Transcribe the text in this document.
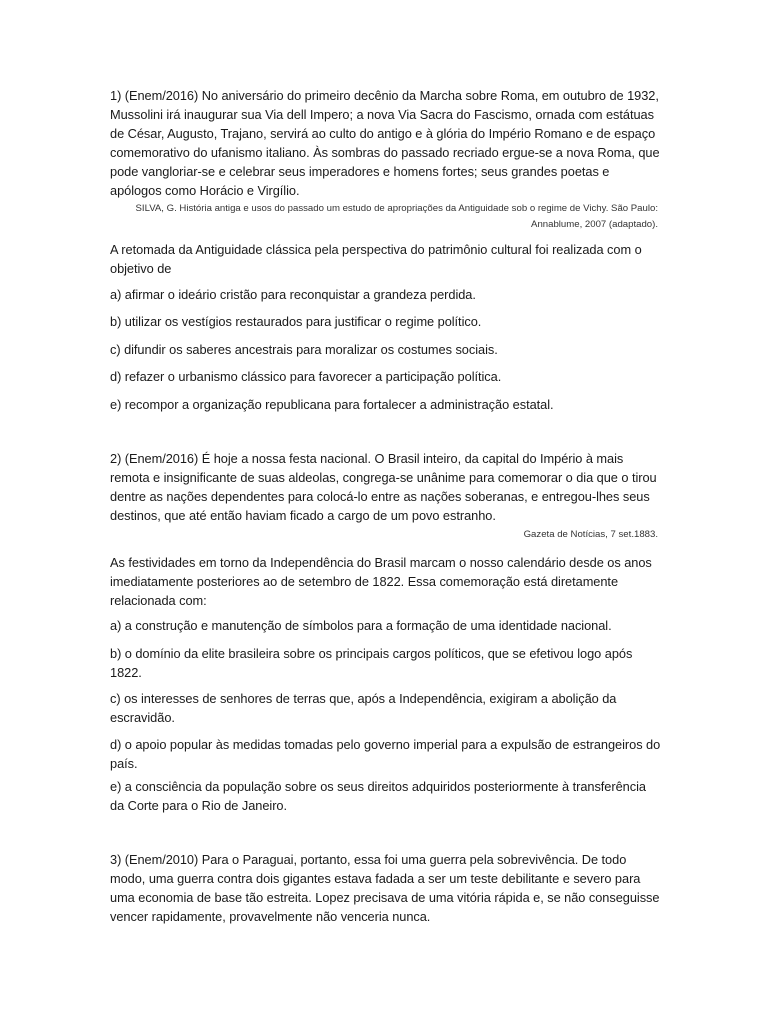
1) (Enem/2016) No aniversário do primeiro decênio da Marcha sobre Roma, em outubro de 1932, Mussolini irá inaugurar sua Via dell Impero; a nova Via Sacra do Fascismo, ornada com estátuas de César, Augusto, Trajano, servirá ao culto do antigo e à glória do Império Romano e de espaço comemorativo do ufanismo italiano. Às sombras do passado recriado ergue-se a nova Roma, que pode vangloriar-se e celebrar seus imperadores e homens fortes; seus grandes poetas e apólogos como Horácio e Virgílio.

SILVA, G. História antiga e usos do passado um estudo de apropriações da Antiguidade sob o regime de Vichy. São Paulo: Annablume, 2007 (adaptado).

A retomada da Antiguidade clássica pela perspectiva do patrimônio cultural foi realizada com o objetivo de

a) afirmar o ideário cristão para reconquistar a grandeza perdida.

b) utilizar os vestígios restaurados para justificar o regime político.

c) difundir os saberes ancestrais para moralizar os costumes sociais.

d) refazer o urbanismo clássico para favorecer a participação política.

e) recompor a organização republicana para fortalecer a administração estatal.

2) (Enem/2016) É hoje a nossa festa nacional. O Brasil inteiro, da capital do Império à mais remota e insignificante de suas aldeolas, congrega-se unânime para comemorar o dia que o tirou dentre as nações dependentes para colocá-lo entre as nações soberanas, e entregou-lhes seus destinos, que até então haviam ficado a cargo de um povo estranho.

Gazeta de Notícias, 7 set.1883.

As festividades em torno da Independência do Brasil marcam o nosso calendário desde os anos imediatamente posteriores ao de setembro de 1822. Essa comemoração está diretamente relacionada com:

a) a construção e manutenção de símbolos para a formação de uma identidade nacional.

b) o domínio da elite brasileira sobre os principais cargos políticos, que se efetivou logo após 1822.

c) os interesses de senhores de terras que, após a Independência, exigiram a abolição da escravidão.

d) o apoio popular às medidas tomadas pelo governo imperial para a expulsão de estrangeiros do país.

e) a consciência da população sobre os seus direitos adquiridos posteriormente à transferência da Corte para o Rio de Janeiro.

3) (Enem/2010) Para o Paraguai, portanto, essa foi uma guerra pela sobrevivência. De todo modo, uma guerra contra dois gigantes estava fadada a ser um teste debilitante e severo para uma economia de base tão estreita. Lopez precisava de uma vitória rápida e, se não conseguisse vencer rapidamente, provavelmente não venceria nunca.
